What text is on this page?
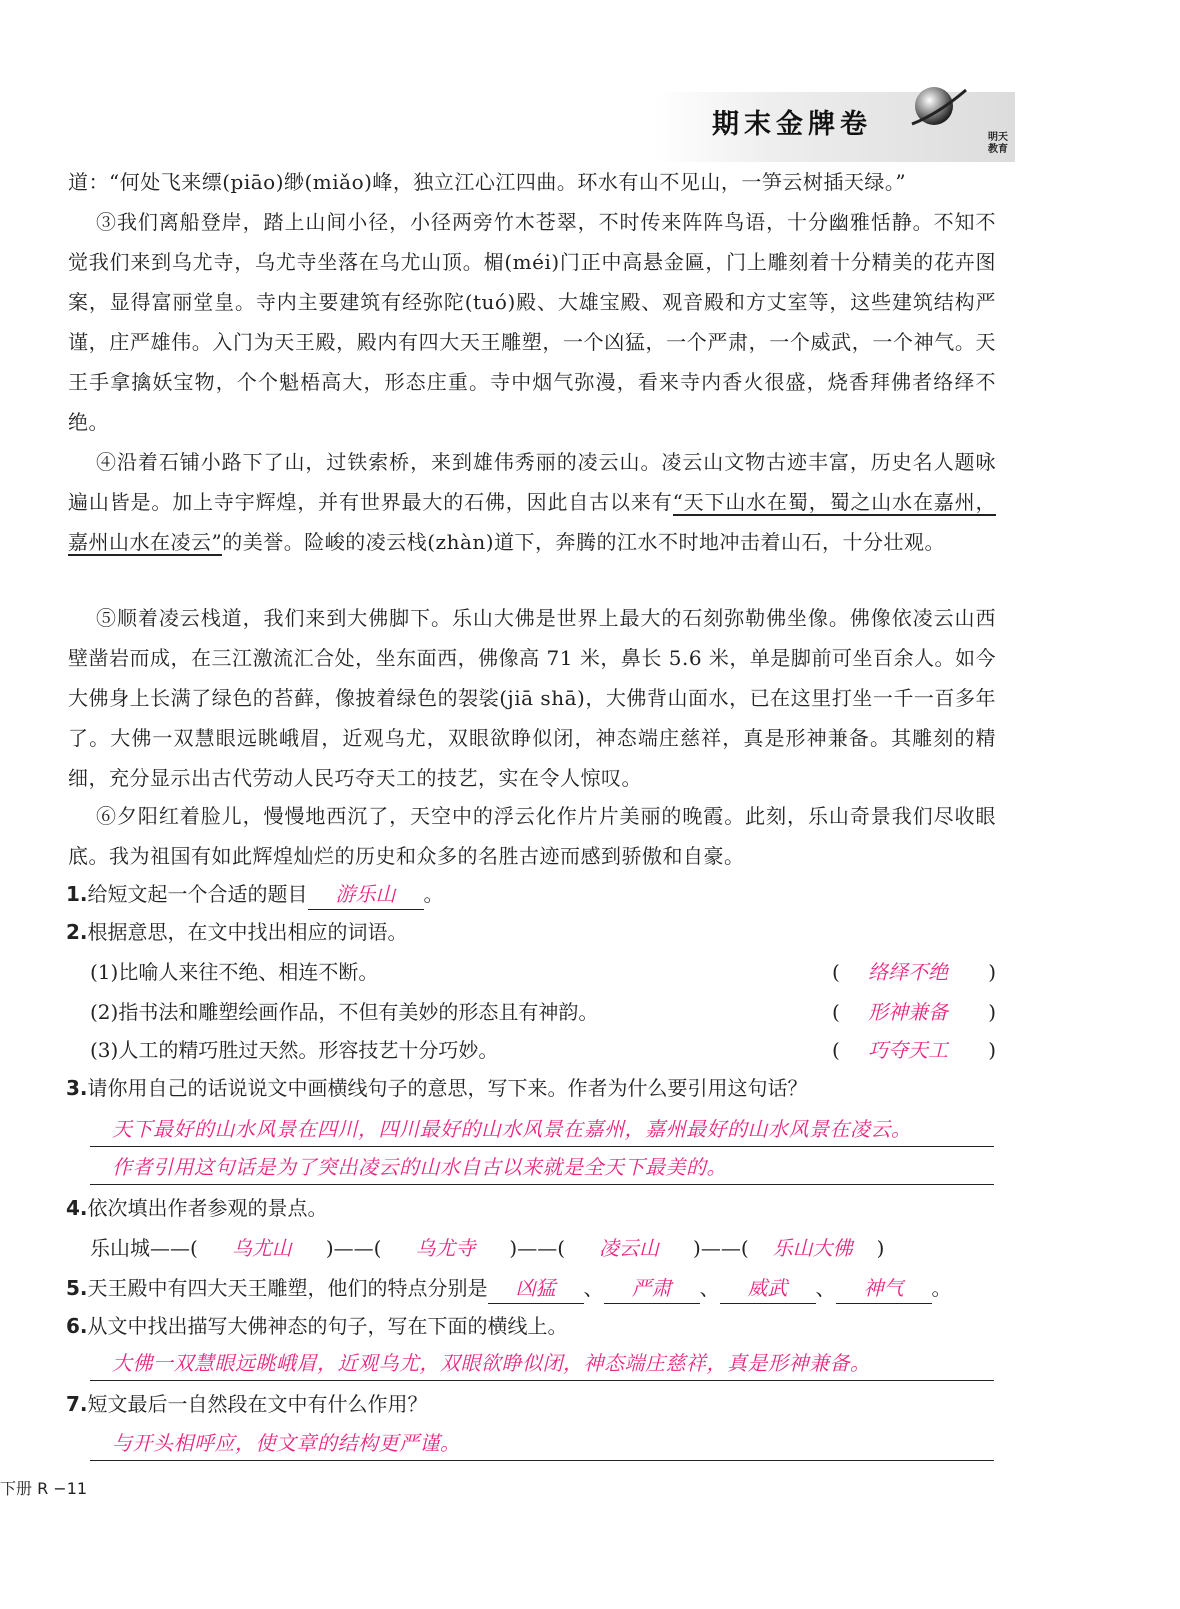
期末金牌卷	明天
教育

道：“何处飞来缥(piāo)缈(miǎo)峰，独立江心江四曲。环水有山不见山，一笋云树插天绿。”

③我们离船登岸，踏上山间小径，小径两旁竹木苍翠，不时传来阵阵鸟语，十分幽雅恬静。不知不觉我们来到乌尤寺，乌尤寺坐落在乌尤山顶。楣(méi)门正中高悬金匾，门上雕刻着十分精美的花卉图案，显得富丽堂皇。寺内主要建筑有经弥陀(tuó)殿、大雄宝殿、观音殿和方丈室等，这些建筑结构严谨，庄严雄伟。入门为天王殿，殿内有四大天王雕塑，一个凶猛，一个严肃，一个威武，一个神气。天王手拿擒妖宝物，个个魁梧高大，形态庄重。寺中烟气弥漫，看来寺内香火很盛，烧香拜佛者络绎不绝。

④沿着石铺小路下了山，过铁索桥，来到雄伟秀丽的凌云山。凌云山文物古迹丰富，历史名人题咏遍山皆是。加上寺宇辉煌，并有世界最大的石佛，因此自古以来有“天下山水在蜀，蜀之山水在嘉州，嘉州山水在凌云”的美誉。险峻的凌云栈(zhàn)道下，奔腾的江水不时地冲击着山石，十分壮观。

⑤顺着凌云栈道，我们来到大佛脚下。乐山大佛是世界上最大的石刻弥勒佛坐像。佛像依凌云山西壁凿岩而成，在三江激流汇合处，坐东面西，佛像高 71 米，鼻长 5.6 米，单是脚前可坐百余人。如今大佛身上长满了绿色的苔藓，像披着绿色的袈裟(jiā shā)，大佛背山面水，已在这里打坐一千一百多年了。大佛一双慧眼远眺峨眉，近观乌尤，双眼欲睁似闭，神态端庄慈祥，真是形神兼备。其雕刻的精细，充分显示出古代劳动人民巧夺天工的技艺，实在令人惊叹。

⑥夕阳红着脸儿，慢慢地西沉了，天空中的浮云化作片片美丽的晚霞。此刻，乐山奇景我们尽收眼底。我为祖国有如此辉煌灿烂的历史和众多的名胜古迹而感到骄傲和自豪。

1.给短文起一个合适的题目 游乐山 。
2.根据意思，在文中找出相应的词语。
(1)比喻人来往不绝、相连不断。	( 络绎不绝 )
(2)指书法和雕塑绘画作品，不但有美妙的形态且有神韵。	( 形神兼备 )
(3)人工的精巧胜过天然。形容技艺十分巧妙。	( 巧夺天工 )
3.请你用自己的话说说文中画横线句子的意思，写下来。作者为什么要引用这句话？
天下最好的山水风景在四川，四川最好的山水风景在嘉州，嘉州最好的山水风景在凌云。
作者引用这句话是为了突出凌云的山水自古以来就是全天下最美的。
4.依次填出作者参观的景点。
乐山城——( 乌尤山 )——( 乌尤寺 )——( 凌云山 )——( 乐山大佛 )
5.天王殿中有四大天王雕塑，他们的特点分别是 凶猛 、 严肃 、 威武 、 神气 。
6.从文中找出描写大佛神态的句子，写在下面的横线上。
大佛一双慧眼远眺峨眉，近观乌尤，双眼欲睁似闭，神态端庄慈祥，真是形神兼备。
7.短文最后一自然段在文中有什么作用？
与开头相呼应，使文章的结构更严谨。
下册 R −11
